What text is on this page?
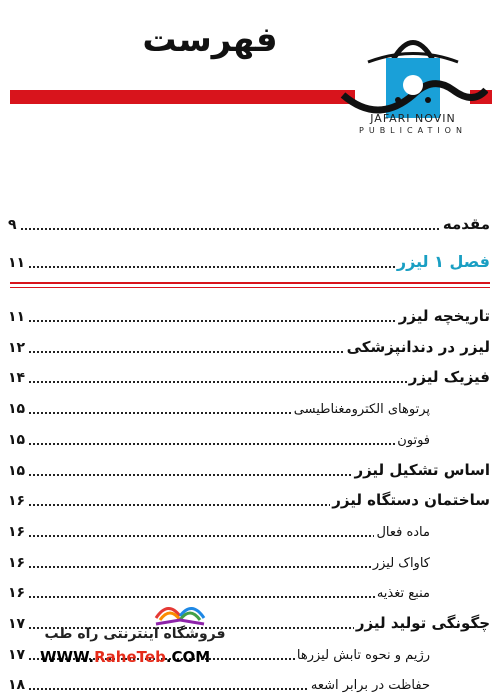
فهرست
JAFARI NOVIN
PUBLICATION
مقدمه
۹
فصل ۱ لیزر
۱۱
تاریخچه لیزر
۱۱
لیزر در دندانپزشکی
۱۲
فیزیک لیزر
۱۴
پرتوهای الکترومغناطیسی
۱۵
فوتون
۱۵
اساس تشکیل لیزر
۱۵
ساختمان دستگاه لیزر
۱۶
ماده فعال
۱۶
کاواک لیزر
۱۶
منبع تغذیه
۱۶
چگونگی تولید لیزر
۱۷
رژیم و نحوه تابش لیزرها
۱۷
حفاظت در برابر اشعه
۱۸
فروشگاه اینترنتی راه طب
WWW.RaheTeb.COM
